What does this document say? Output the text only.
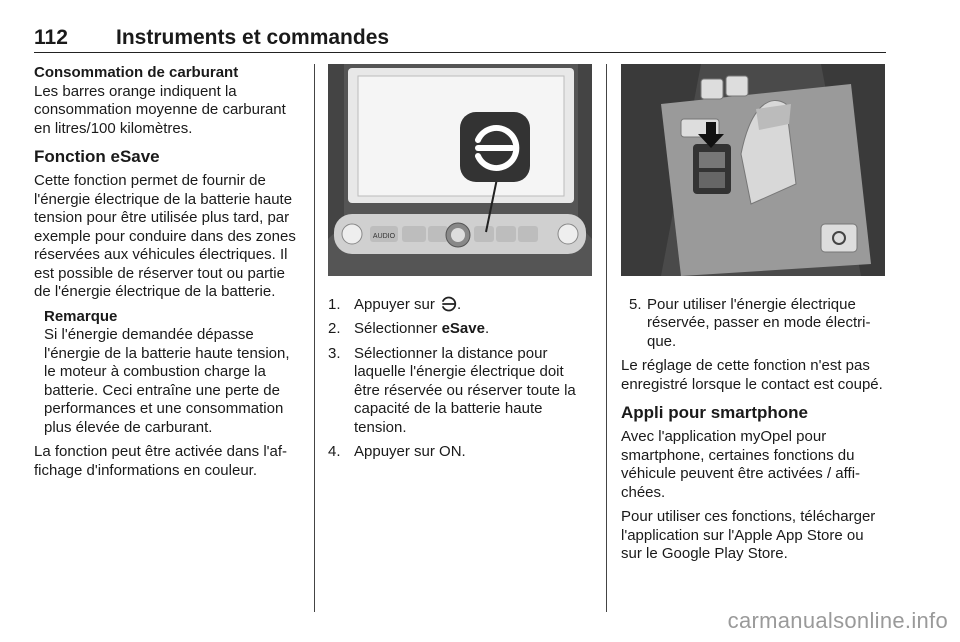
112 Instruments et commandes
Consommation de carburant

Les barres orange indiquent la consommation moyenne de carburant en litres/100 kilomètres.

Fonction eSave

Cette fonction permet de fournir de l'énergie électrique de la batterie haute tension pour être utilisée plus tard, par exemple pour conduire dans des zones réservées aux véhicules électriques. Il est possible de réserver tout ou partie de l'énergie électrique de la batterie.

Remarque

Si l'énergie demandée dépasse l'énergie de la batterie haute tension, le moteur à combustion charge la batterie. Ceci entraîne une perte de performances et une consommation plus élevée de carburant.

La fonction peut être activée dans l'affichage d'informations en couleur.

AUDIO
1. Appuyer sur .
2. Sélectionner eSave.
3. Sélectionner la distance pour laquelle l'énergie électrique doit être réservée ou réserver toute la capacité de la batterie haute tension.
4. Appuyer sur ON.
5. Pour utiliser l'énergie électrique réservée, passer en mode électrique.

Le réglage de cette fonction n'est pas enregistré lorsque le contact est coupé.

Appli pour smartphone

Avec l'application myOpel pour smartphone, certaines fonctions du véhicule peuvent être activées / affichées.

Pour utiliser ces fonctions, télécharger l'application sur l'Apple App Store ou sur le Google Play Store.

carmanualsonline.info
